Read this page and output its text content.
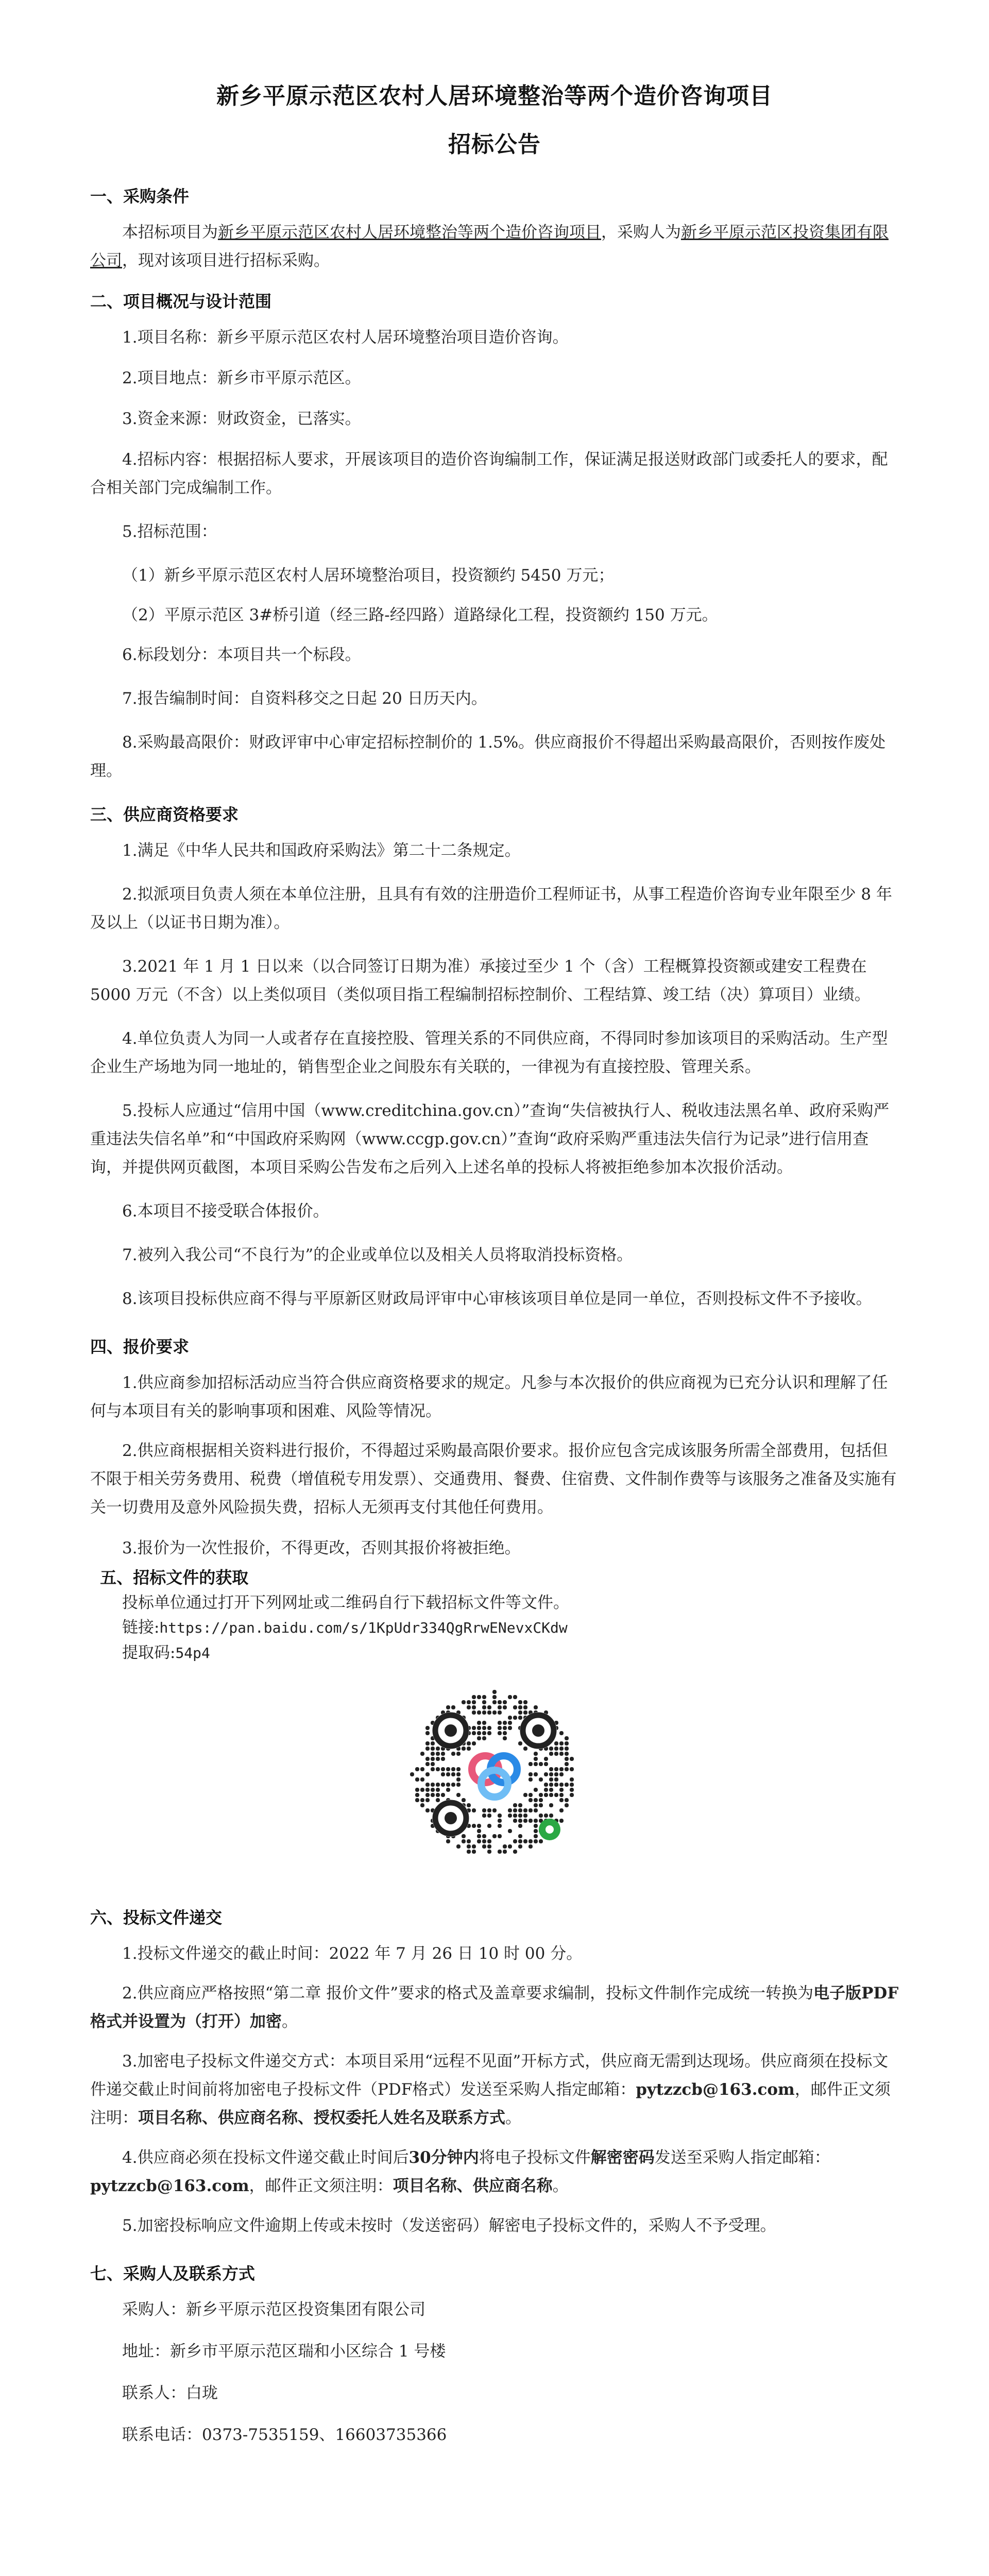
新乡平原示范区农村人居环境整治等两个造价咨询项目
招标公告
一、采购条件

本招标项目为新乡平原示范区农村人居环境整治等两个造价咨询项目，采购人为新乡平原示范区投资集团有限公司，现对该项目进行招标采购。

二、项目概况与设计范围

1.项目名称：新乡平原示范区农村人居环境整治项目造价咨询。

2.项目地点：新乡市平原示范区。

3.资金来源：财政资金，已落实。

4.招标内容：根据招标人要求，开展该项目的造价咨询编制工作，保证满足报送财政部门或委托人的要求，配合相关部门完成编制工作。

5.招标范围：

（1）新乡平原示范区农村人居环境整治项目，投资额约 5450 万元；

（2）平原示范区 3#桥引道（经三路-经四路）道路绿化工程，投资额约 150 万元。

6.标段划分：本项目共一个标段。

7.报告编制时间：自资料移交之日起 20 日历天内。

8.采购最高限价：财政评审中心审定招标控制价的 1.5%。供应商报价不得超出采购最高限价，否则按作废处理。

三、供应商资格要求

1.满足《中华人民共和国政府采购法》第二十二条规定。

2.拟派项目负责人须在本单位注册，且具有有效的注册造价工程师证书，从事工程造价咨询专业年限至少 8 年及以上（以证书日期为准）。

3.2021 年 1 月 1 日以来（以合同签订日期为准）承接过至少 1 个（含）工程概算投资额或建安工程费在 5000 万元（不含）以上类似项目（类似项目指工程编制招标控制价、工程结算、竣工结（决）算项目）业绩。

4.单位负责人为同一人或者存在直接控股、管理关系的不同供应商，不得同时参加该项目的采购活动。生产型企业生产场地为同一地址的，销售型企业之间股东有关联的，一律视为有直接控股、管理关系。

5.投标人应通过“信用中国（www.creditchina.gov.cn）”查询“失信被执行人、税收违法黑名单、政府采购严重违法失信名单”和“中国政府采购网（www.ccgp.gov.cn）”查询“政府采购严重违法失信行为记录”进行信用查询，并提供网页截图，本项目采购公告发布之后列入上述名单的投标人将被拒绝参加本次报价活动。

6.本项目不接受联合体报价。

7.被列入我公司“不良行为”的企业或单位以及相关人员将取消投标资格。

8.该项目投标供应商不得与平原新区财政局评审中心审核该项目单位是同一单位，否则投标文件不予接收。

四、报价要求

1.供应商参加招标活动应当符合供应商资格要求的规定。凡参与本次报价的供应商视为已充分认识和理解了任何与本项目有关的影响事项和困难、风险等情况。

2.供应商根据相关资料进行报价，不得超过采购最高限价要求。报价应包含完成该服务所需全部费用，包括但不限于相关劳务费用、税费（增值税专用发票）、交通费用、餐费、住宿费、文件制作费等与该服务之准备及实施有关一切费用及意外风险损失费，招标人无须再支付其他任何费用。

3.报价为一次性报价，不得更改，否则其报价将被拒绝。

五、招标文件的获取

投标单位通过打开下列网址或二维码自行下载招标文件等文件。

链接:https://pan.baidu.com/s/1KpUdr334QgRrwENevxCKdw

提取码:54p4

六、投标文件递交

1.投标文件递交的截止时间：2022 年 7 月 26 日 10 时 00 分。

2.供应商应严格按照“第二章 报价文件”要求的格式及盖章要求编制，投标文件制作完成统一转换为电子版PDF格式并设置为（打开）加密。

3.加密电子投标文件递交方式：本项目采用“远程不见面”开标方式，供应商无需到达现场。供应商须在投标文件递交截止时间前将加密电子投标文件（PDF格式）发送至采购人指定邮箱：pytzzcb@163.com，邮件正文须注明：项目名称、供应商名称、授权委托人姓名及联系方式。

4.供应商必须在投标文件递交截止时间后30分钟内将电子投标文件解密密码发送至采购人指定邮箱：pytzzcb@163.com，邮件正文须注明：项目名称、供应商名称。

5.加密投标响应文件逾期上传或未按时（发送密码）解密电子投标文件的，采购人不予受理。

七、采购人及联系方式

采购人：新乡平原示范区投资集团有限公司

地址：新乡市平原示范区瑞和小区综合 1 号楼

联系人：白珑

联系电话：0373-7535159、16603735366
